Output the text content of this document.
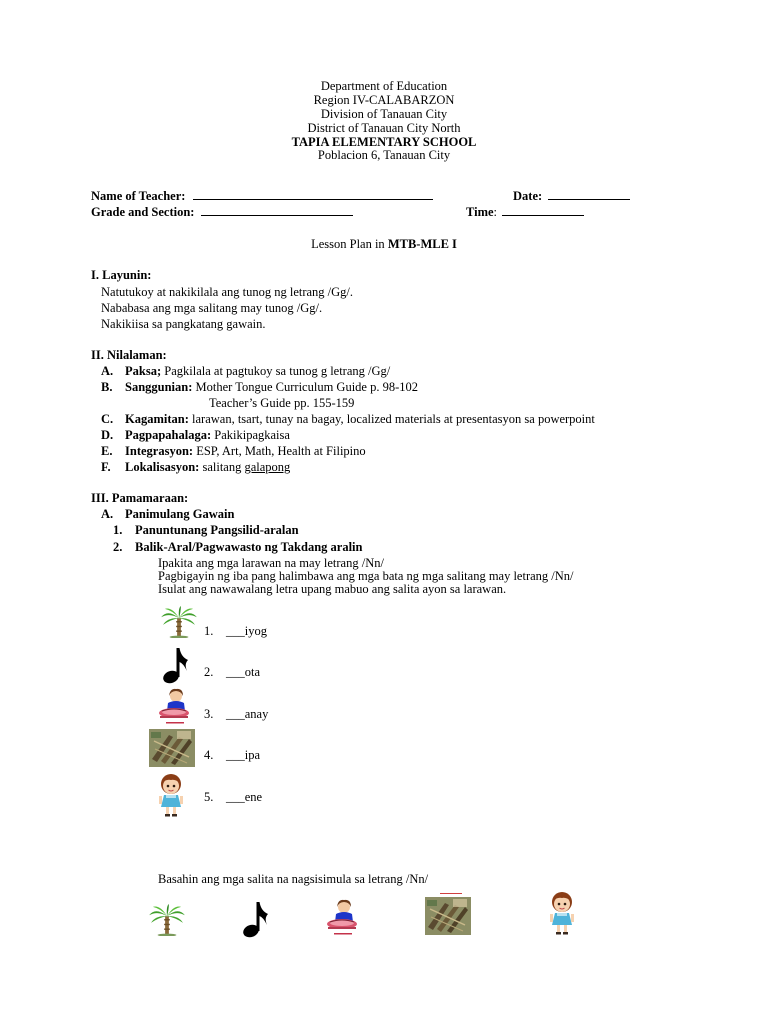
Department of Education
Region IV-CALABARZON
Division of Tanauan City
District of Tanauan City North
TAPIA ELEMENTARY SCHOOL
Poblacion 6, Tanauan City
Name of Teacher:	Date:
Grade and Section:	Time:
Lesson Plan in MTB-MLE I
I. Layunin:
Natutukoy at nakikilala ang tunog ng letrang /Gg/.
Nababasa ang mga salitang may tunog /Gg/.
Nakikiisa sa pangkatang gawain.
II. Nilalaman:
A. Paksa; Pagkilala at pagtukoy sa tunog g letrang /Gg/
B. Sanggunian: Mother Tongue Curriculum Guide p. 98-102
Teacher’s Guide pp. 155-159
C. Kagamitan: larawan, tsart, tunay na bagay, localized materials at presentasyon sa powerpoint
D. Pagpapahalaga: Pakikipagkaisa
E. Integrasyon: ESP, Art, Math, Health at Filipino
F. Lokalisasyon: salitang galapong
III. Pamamaraan:
A. Panimulang Gawain
1. Panuntunang Pangsilid-aralan
2. Balik-Aral/Pagwawasto ng Takdang aralin
Ipakita ang mga larawan na may letrang /Nn/
Pagbigayin ng iba pang halimbawa ang mga bata ng mga salitang may letrang /Nn/
Isulat ang nawawalang letra upang mabuo ang salita ayon sa larawan.
1. ___iyog
2. ___ota
3. ___anay
4. ___ipa
5. ___ene
Basahin ang mga salita na nagsisimula sa letrang /Nn/
